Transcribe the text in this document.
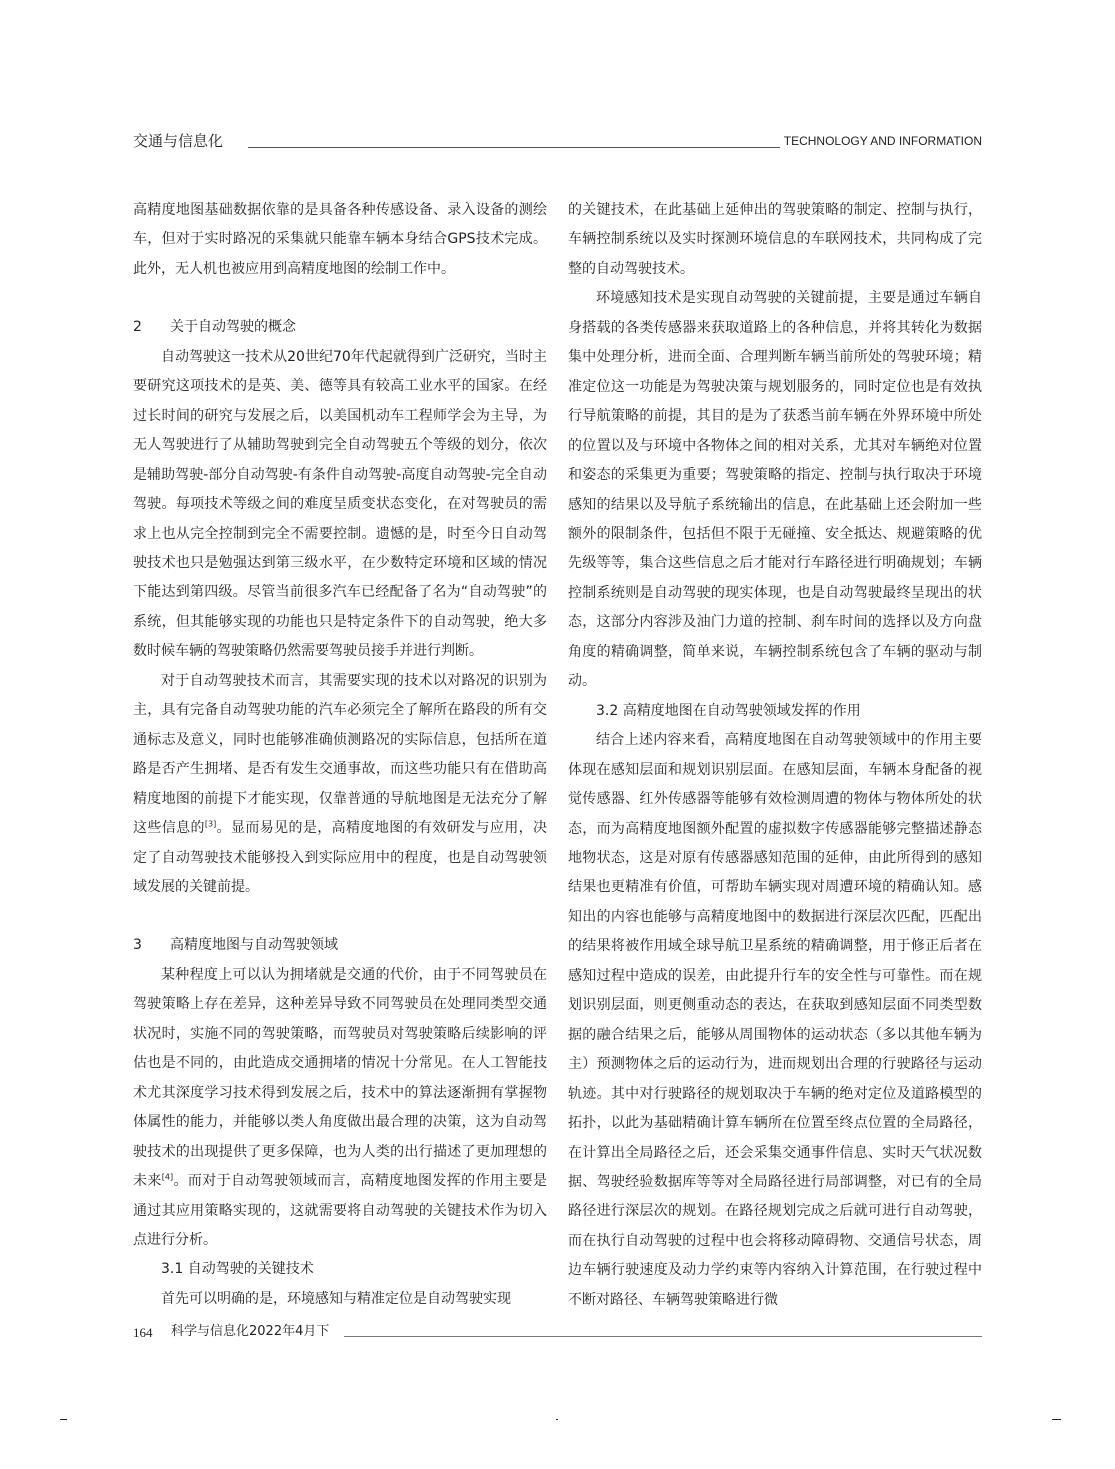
交通与信息化	TECHNOLOGY AND INFORMATION

高精度地图基础数据依靠的是具备各种传感设备、录入设备的测绘车，但对于实时路况的采集就只能靠车辆本身结合GPS技术完成。此外，无人机也被应用到高精度地图的绘制工作中。

2 关于自动驾驶的概念

自动驾驶这一技术从20世纪70年代起就得到广泛研究，当时主要研究这项技术的是英、美、德等具有较高工业水平的国家。在经过长时间的研究与发展之后，以美国机动车工程师学会为主导，为无人驾驶进行了从辅助驾驶到完全自动驾驶五个等级的划分，依次是辅助驾驶-部分自动驾驶-有条件自动驾驶-高度自动驾驶-完全自动驾驶。每项技术等级之间的难度呈质变状态变化，在对驾驶员的需求上也从完全控制到完全不需要控制。遗憾的是，时至今日自动驾驶技术也只是勉强达到第三级水平，在少数特定环境和区域的情况下能达到第四级。尽管当前很多汽车已经配备了名为“自动驾驶”的系统，但其能够实现的功能也只是特定条件下的自动驾驶，绝大多数时候车辆的驾驶策略仍然需要驾驶员接手并进行判断。

对于自动驾驶技术而言，其需要实现的技术以对路况的识别为主，具有完备自动驾驶功能的汽车必须完全了解所在路段的所有交通标志及意义，同时也能够准确侦测路况的实际信息，包括所在道路是否产生拥堵、是否有发生交通事故，而这些功能只有在借助高精度地图的前提下才能实现，仅靠普通的导航地图是无法充分了解这些信息的[3]。显而易见的是，高精度地图的有效研发与应用，决定了自动驾驶技术能够投入到实际应用中的程度，也是自动驾驶领域发展的关键前提。

3 高精度地图与自动驾驶领域

某种程度上可以认为拥堵就是交通的代价，由于不同驾驶员在驾驶策略上存在差异，这种差异导致不同驾驶员在处理同类型交通状况时，实施不同的驾驶策略，而驾驶员对驾驶策略后续影响的评估也是不同的，由此造成交通拥堵的情况十分常见。在人工智能技术尤其深度学习技术得到发展之后，技术中的算法逐渐拥有掌握物体属性的能力，并能够以类人角度做出最合理的决策，这为自动驾驶技术的出现提供了更多保障，也为人类的出行描述了更加理想的未来[4]。而对于自动驾驶领域而言，高精度地图发挥的作用主要是通过其应用策略实现的，这就需要将自动驾驶的关键技术作为切入点进行分析。

3.1 自动驾驶的关键技术

首先可以明确的是，环境感知与精准定位是自动驾驶实现

的关键技术，在此基础上延伸出的驾驶策略的制定、控制与执行，车辆控制系统以及实时探测环境信息的车联网技术，共同构成了完整的自动驾驶技术。

环境感知技术是实现自动驾驶的关键前提，主要是通过车辆自身搭载的各类传感器来获取道路上的各种信息，并将其转化为数据集中处理分析，进而全面、合理判断车辆当前所处的驾驶环境；精准定位这一功能是为驾驶决策与规划服务的，同时定位也是有效执行导航策略的前提，其目的是为了获悉当前车辆在外界环境中所处的位置以及与环境中各物体之间的相对关系，尤其对车辆绝对位置和姿态的采集更为重要；驾驶策略的指定、控制与执行取决于环境感知的结果以及导航子系统输出的信息，在此基础上还会附加一些额外的限制条件，包括但不限于无碰撞、安全抵达、规避策略的优先级等等，集合这些信息之后才能对行车路径进行明确规划；车辆控制系统则是自动驾驶的现实体现，也是自动驾驶最终呈现出的状态，这部分内容涉及油门力道的控制、刹车时间的选择以及方向盘角度的精确调整，简单来说，车辆控制系统包含了车辆的驱动与制动。

3.2 高精度地图在自动驾驶领域发挥的作用

结合上述内容来看，高精度地图在自动驾驶领域中的作用主要体现在感知层面和规划识别层面。在感知层面，车辆本身配备的视觉传感器、红外传感器等能够有效检测周遭的物体与物体所处的状态，而为高精度地图额外配置的虚拟数字传感器能够完整描述静态地物状态，这是对原有传感器感知范围的延伸，由此所得到的感知结果也更精准有价值，可帮助车辆实现对周遭环境的精确认知。感知出的内容也能够与高精度地图中的数据进行深层次匹配，匹配出的结果将被作用域全球导航卫星系统的精确调整，用于修正后者在感知过程中造成的误差，由此提升行车的安全性与可靠性。而在规划识别层面，则更侧重动态的表达，在获取到感知层面不同类型数据的融合结果之后，能够从周围物体的运动状态（多以其他车辆为主）预测物体之后的运动行为，进而规划出合理的行驶路径与运动轨迹。其中对行驶路径的规划取决于车辆的绝对定位及道路模型的拓扑，以此为基础精确计算车辆所在位置至终点位置的全局路径，在计算出全局路径之后，还会采集交通事件信息、实时天气状况数据、驾驶经验数据库等等对全局路径进行局部调整，对已有的全局路径进行深层次的规划。在路径规划完成之后就可进行自动驾驶，而在执行自动驾驶的过程中也会将移动障碍物、交通信号状态，周边车辆行驶速度及动力学约束等内容纳入计算范围，在行驶过程中不断对路径、车辆驾驶策略进行微

164 科学与信息化2022年4月下
